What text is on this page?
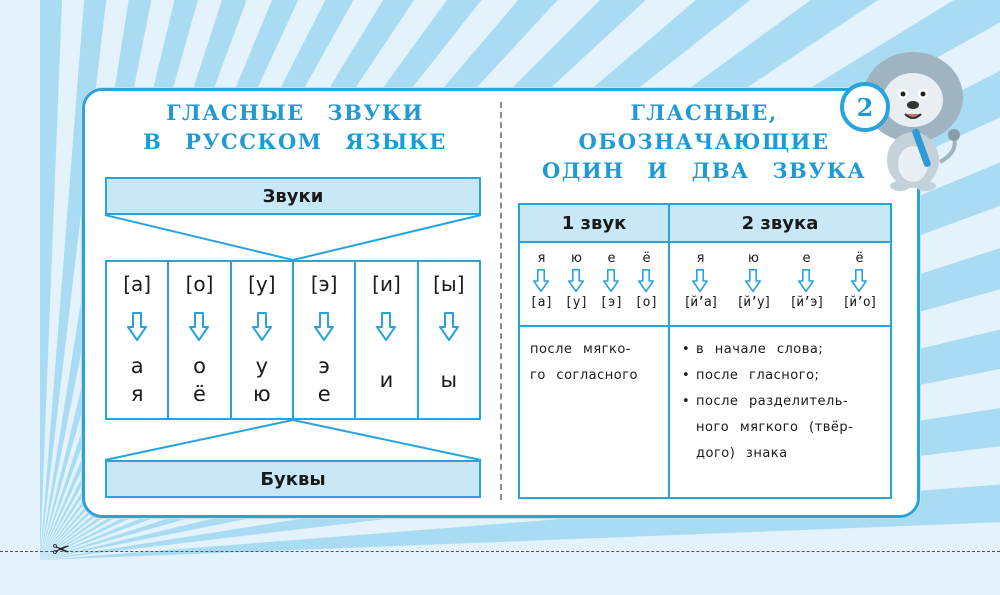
ГЛАСНЫЕ ЗВУКИ
В РУССКОМ ЯЗЫКЕ
Звуки
[а]
а
я
[о]
о
ё
[у]
у
ю
[э]
э
е
[и]
и
[ы]
ы
Буквы
ГЛАСНЫЕ,
ОБОЗНАЧАЮЩИЕ
ОДИН И ДВА ЗВУКА
1 звук	2 звука
я
[а]
ю
[у]
е
[э]
ё
[о]
я
[й’а]
ю
[й’у]
е
[й’э]
ё
[й’о]
после мягко-
го согласного
• в начале слова;
• после гласного;
• после разделитель-
ного мягкого (твёр-
дого) знака
2
✂
